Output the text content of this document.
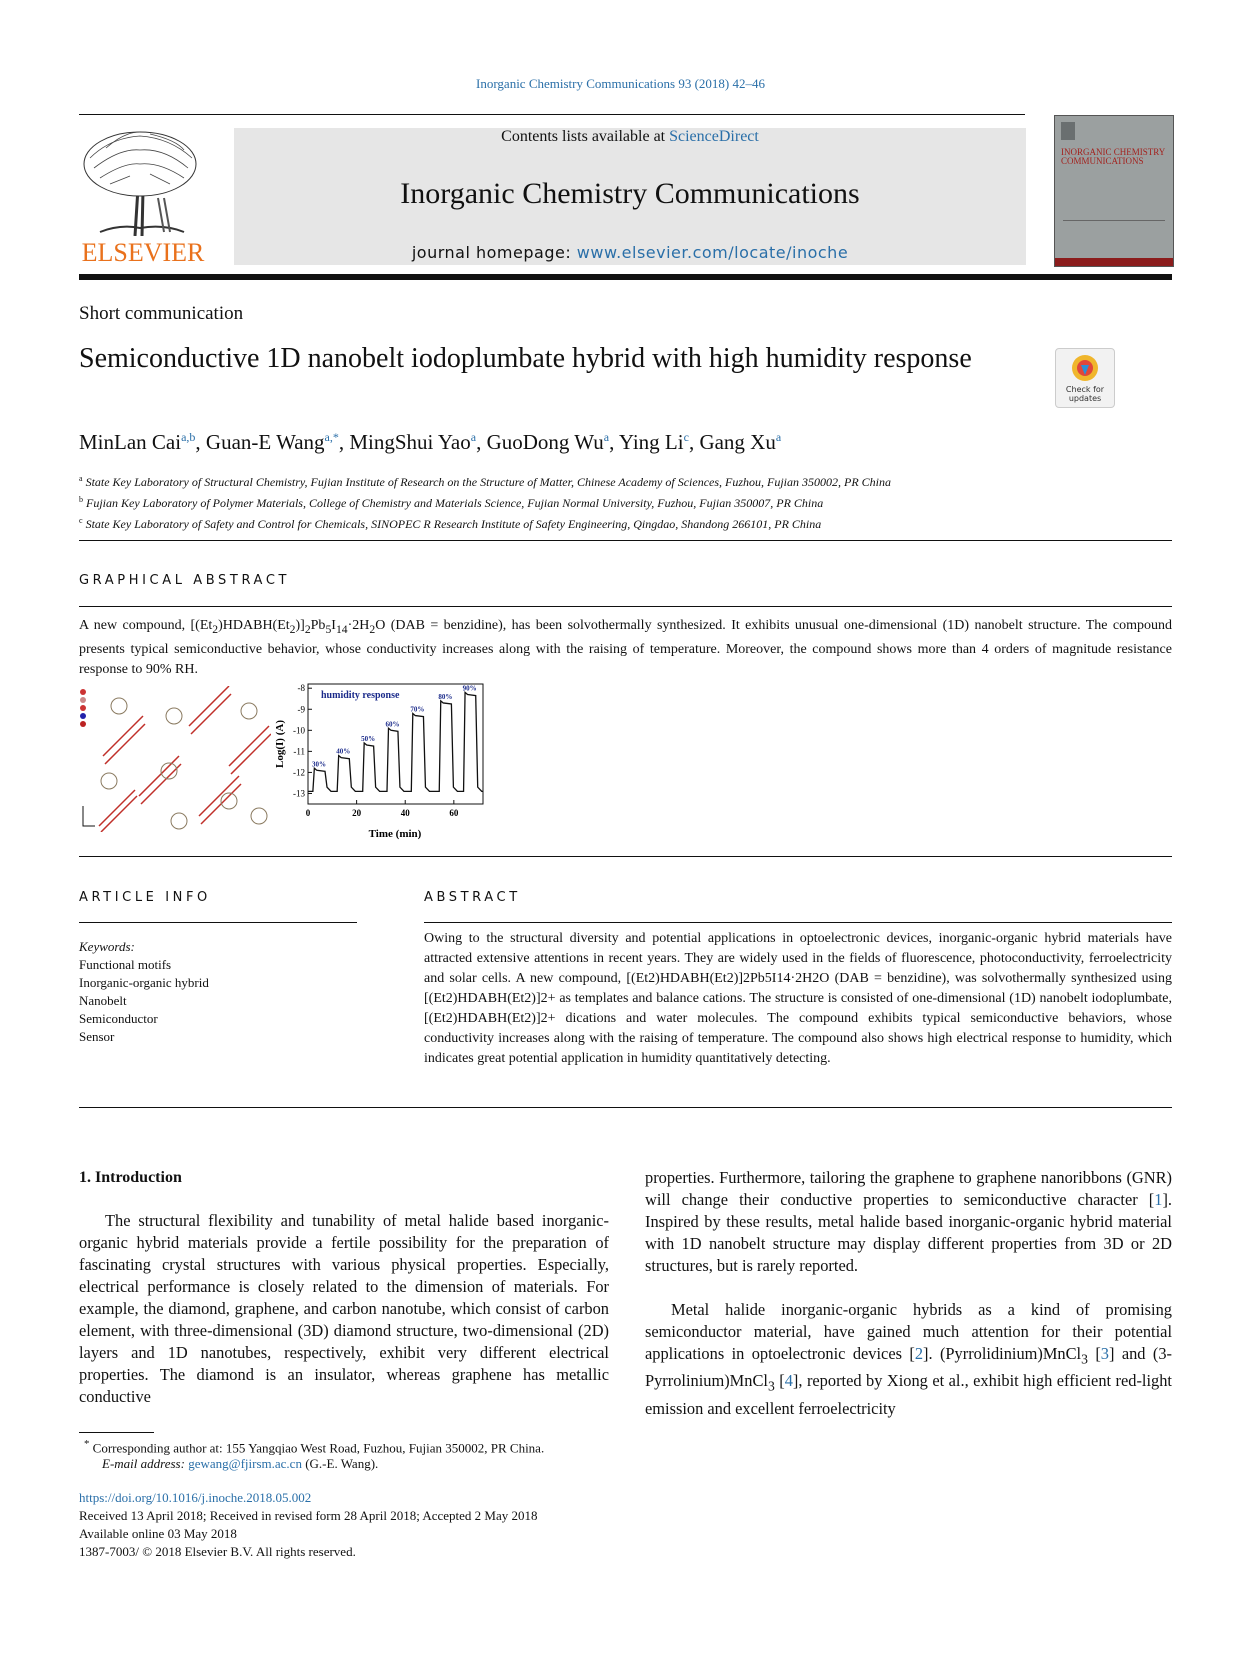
Inorganic Chemistry Communications 93 (2018) 42–46
ELSEVIER
Contents lists available at ScienceDirect
Inorganic Chemistry Communications
journal homepage: www.elsevier.com/locate/inoche
INORGANIC CHEMISTRY COMMUNICATIONS
Short communication
Semiconductive 1D nanobelt iodoplumbate hybrid with high humidity response
Check for updates
MinLan Cai$^{a,b}$, Guan-E Wang$^{a,*}$, MingShui Yao$^a$, GuoDong Wu$^a$, Ying Li$^c$, Gang Xu$^a$
$^a$ State Key Laboratory of Structural Chemistry, Fujian Institute of Research on the Structure of Matter, Chinese Academy of Sciences, Fuzhou, Fujian 350002, PR China
$^b$ Fujian Key Laboratory of Polymer Materials, College of Chemistry and Materials Science, Fujian Normal University, Fuzhou, Fujian 350007, PR China
$^c$ State Key Laboratory of Safety and Control for Chemicals, SINOPEC R Research Institute of Safety Engineering, Qingdao, Shandong 266101, PR China
GRAPHICAL ABSTRACT
A new compound, $[(Et_2)HDABH(Et_2)]_2Pb_5I_{14}\cdot 2H_2O$ (DAB = benzidine), has been solvothermally synthesized. It exhibits unusual one-dimensional (1D) nanobelt structure. The compound presents typical semiconductive behavior, whose conductivity increases along with the raising of temperature. Moreover, the compound shows more than 4 orders of magnitude resistance response to 90% RH.
humidity response
Log(I) (A)
Time (min)
-8
-9
-10
-11
-12
-13
0	20	40	60
30%
40%
50%
60%
70%
80%
90%
ARTICLE INFO
Keywords:
Functional motifs
Inorganic-organic hybrid
Nanobelt
Semiconductor
Sensor
ABSTRACT
Owing to the structural diversity and potential applications in optoelectronic devices, inorganic-organic hybrid materials have attracted extensive attentions in recent years. They are widely used in the fields of fluorescence, photoconductivity, ferroelectricity and solar cells. A new compound, [(Et2)HDABH(Et2)]2Pb5I14·2H2O (DAB = benzidine), was solvothermally synthesized using [(Et2)HDABH(Et2)]2+ as templates and balance cations. The structure is consisted of one-dimensional (1D) nanobelt iodoplumbate, [(Et2)HDABH(Et2)]2+ dications and water molecules. The compound exhibits typical semiconductive behaviors, whose conductivity increases along with the raising of temperature. The compound also shows high electrical response to humidity, which indicates great potential application in humidity quantitatively detecting.
1. Introduction
The structural flexibility and tunability of metal halide based inorganic-organic hybrid materials provide a fertile possibility for the preparation of fascinating crystal structures with various physical properties. Especially, electrical performance is closely related to the dimension of materials. For example, the diamond, graphene, and carbon nanotube, which consist of carbon element, with three-dimensional (3D) diamond structure, two-dimensional (2D) layers and 1D nanotubes, respectively, exhibit very different electrical properties. The diamond is an insulator, whereas graphene has metallic conductive
properties. Furthermore, tailoring the graphene to graphene nanoribbons (GNR) will change their conductive properties to semiconductive character [1]. Inspired by these results, metal halide based inorganic-organic hybrid material with 1D nanobelt structure may display different properties from 3D or 2D structures, but is rarely reported.
Metal halide inorganic-organic hybrids as a kind of promising semiconductor material, have gained much attention for their potential applications in optoelectronic devices [2]. (Pyrrolidinium)MnCl$_3$ [3] and (3-Pyrrolinium)MnCl$_3$ [4], reported by Xiong et al., exhibit high efficient red-light emission and excellent ferroelectricity
* Corresponding author at: 155 Yangqiao West Road, Fuzhou, Fujian 350002, PR China.
E-mail address: gewang@fjirsm.ac.cn (G.-E. Wang).
https://doi.org/10.1016/j.inoche.2018.05.002
Received 13 April 2018; Received in revised form 28 April 2018; Accepted 2 May 2018
Available online 03 May 2018
1387-7003/ © 2018 Elsevier B.V. All rights reserved.
